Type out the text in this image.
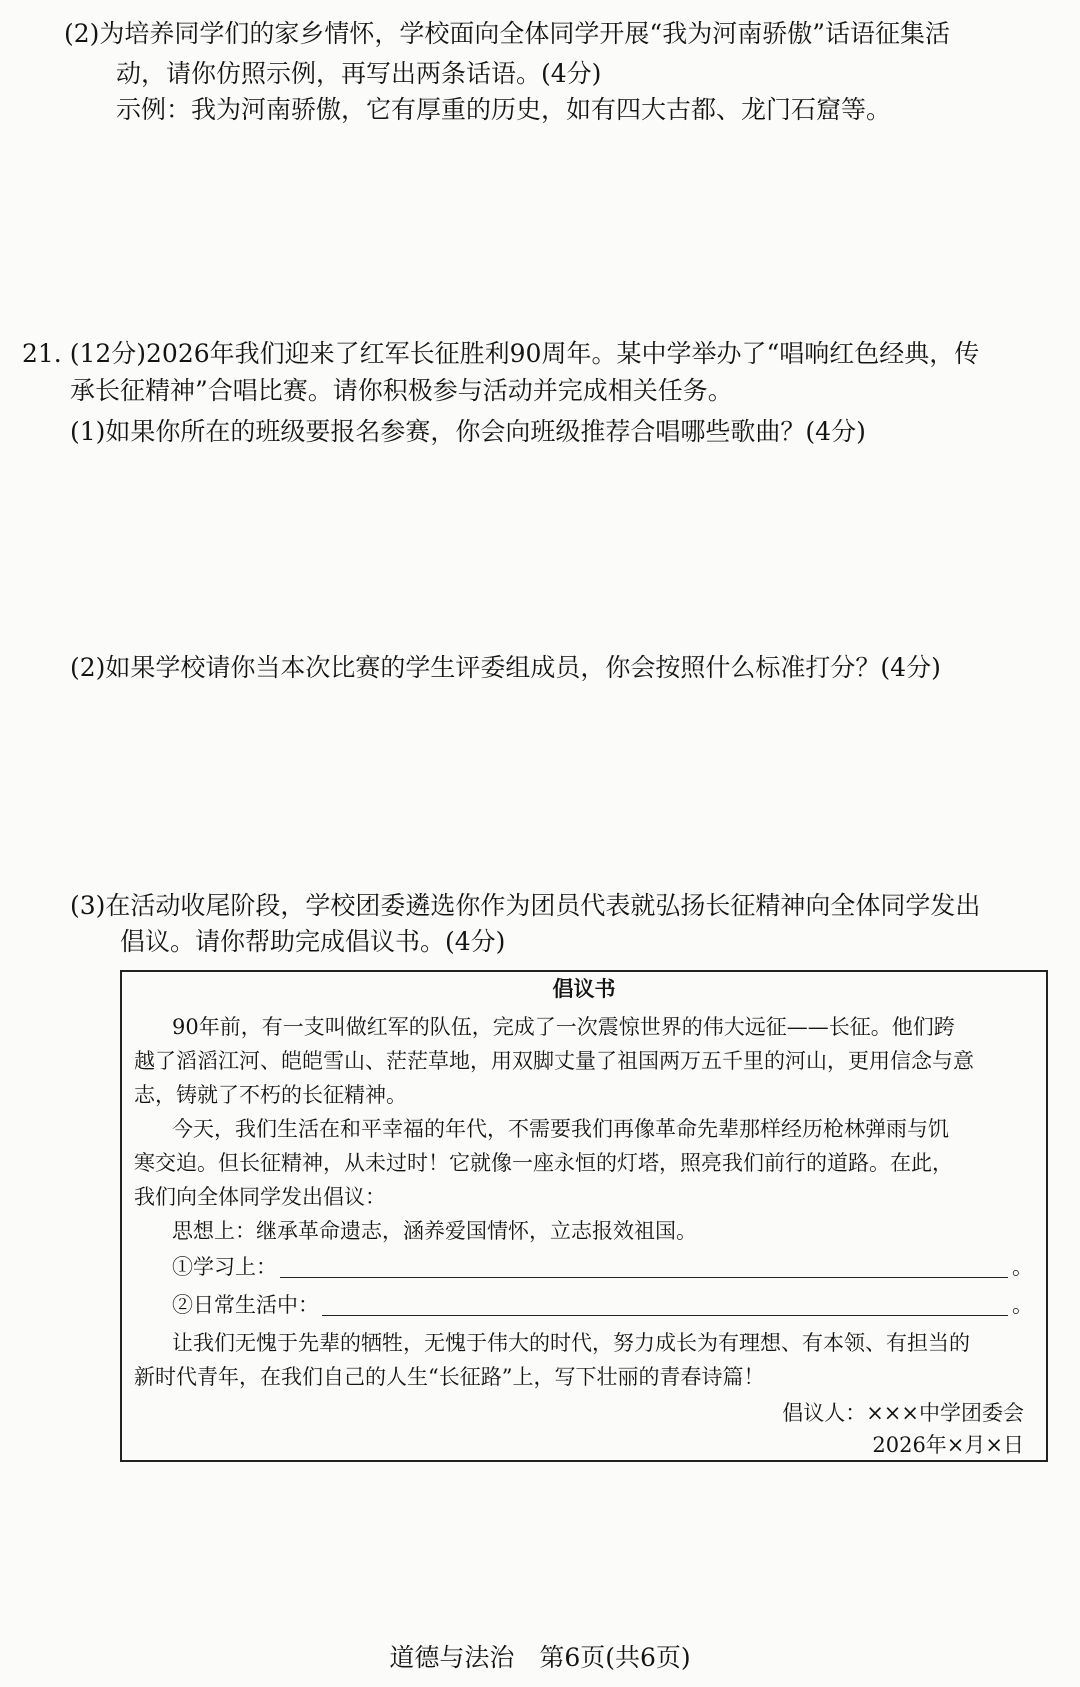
(2)为培养同学们的家乡情怀，学校面向全体同学开展“我为河南骄傲”话语征集活
动，请你仿照示例，再写出两条话语。(4分)
示例：我为河南骄傲，它有厚重的历史，如有四大古都、龙门石窟等。
21. (12分)2026年我们迎来了红军长征胜利90周年。某中学举办了“唱响红色经典，传
承长征精神”合唱比赛。请你积极参与活动并完成相关任务。
(1)如果你所在的班级要报名参赛，你会向班级推荐合唱哪些歌曲？(4分)
(2)如果学校请你当本次比赛的学生评委组成员，你会按照什么标准打分？(4分)
(3)在活动收尾阶段，学校团委遴选你作为团员代表就弘扬长征精神向全体同学发出
倡议。请你帮助完成倡议书。(4分)
倡议书
90年前，有一支叫做红军的队伍，完成了一次震惊世界的伟大远征——长征。他们跨
越了滔滔江河、皑皑雪山、茫茫草地，用双脚丈量了祖国两万五千里的河山，更用信念与意
志，铸就了不朽的长征精神。
今天，我们生活在和平幸福的年代，不需要我们再像革命先辈那样经历枪林弹雨与饥
寒交迫。但长征精神，从未过时！它就像一座永恒的灯塔，照亮我们前行的道路。在此，
我们向全体同学发出倡议：
思想上：继承革命遗志，涵养爱国情怀，立志报效祖国。
①学习上：	。
②日常生活中：	。
让我们无愧于先辈的牺牲，无愧于伟大的时代，努力成长为有理想、有本领、有担当的
新时代青年，在我们自己的人生“长征路”上，写下壮丽的青春诗篇！
倡议人：×××中学团委会
2026年×月×日
道德与法治　第6页(共6页)
